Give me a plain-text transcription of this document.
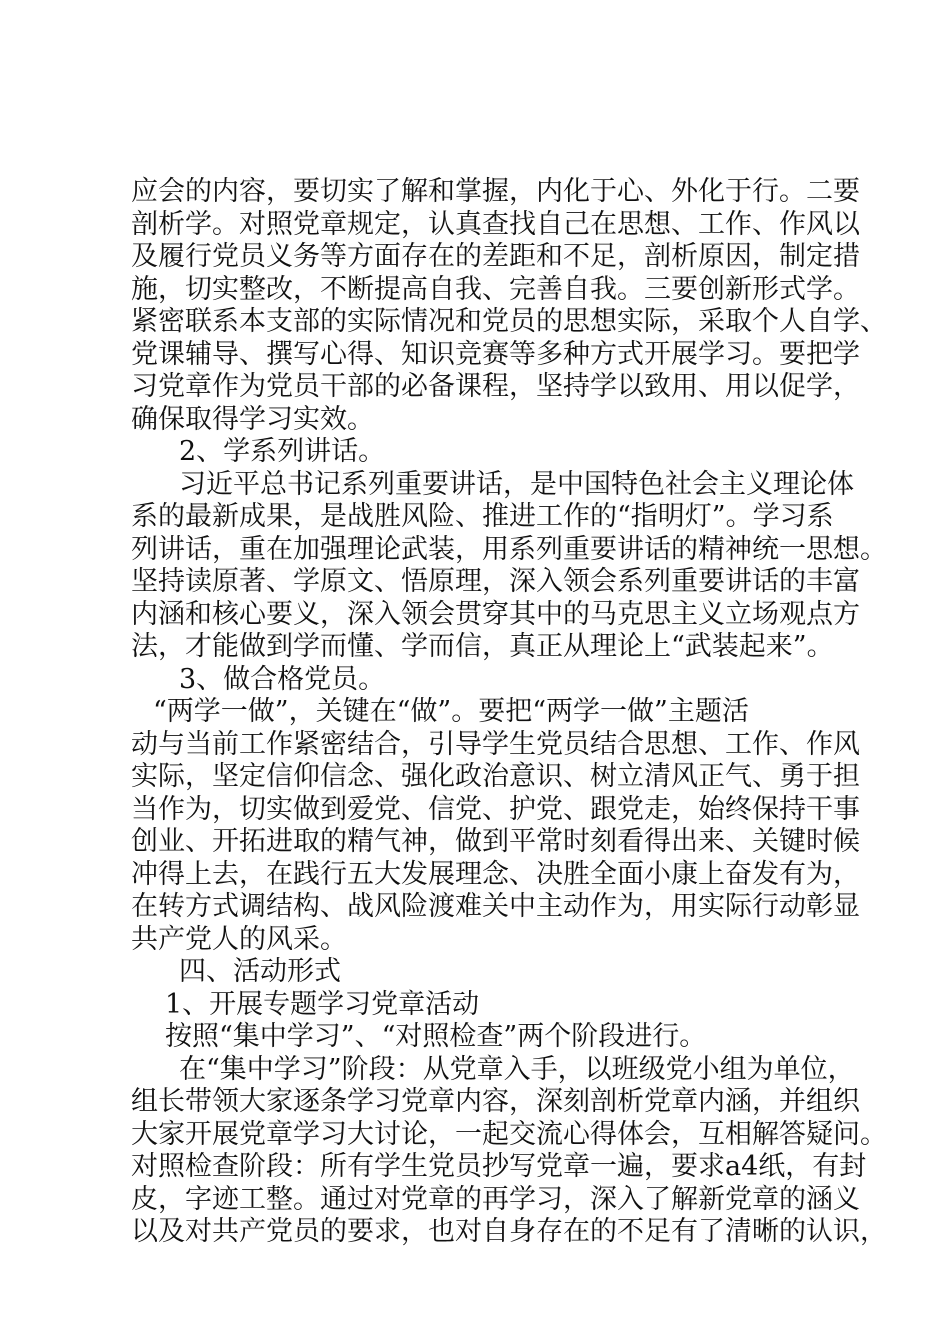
应会的内容，要切实了解和掌握，内化于心、外化于行。二要
剖析学。对照党章规定，认真查找自己在思想、工作、作风以
及履行党员义务等方面存在的差距和不足，剖析原因，制定措
施，切实整改，不断提高自我、完善自我。三要创新形式学。
紧密联系本支部的实际情况和党员的思想实际，采取个人自学、
党课辅导、撰写心得、知识竞赛等多种方式开展学习。要把学
习党章作为党员干部的必备课程，坚持学以致用、用以促学，
确保取得学习实效。
2、学系列讲话。
习近平总书记系列重要讲话，是中国特色社会主义理论体
系的最新成果，是战胜风险、推进工作的“指明灯”。学习系
列讲话，重在加强理论武装，用系列重要讲话的精神统一思想。
坚持读原著、学原文、悟原理，深入领会系列重要讲话的丰富
内涵和核心要义，深入领会贯穿其中的马克思主义立场观点方
法，才能做到学而懂、学而信，真正从理论上“武装起来”。
3、做合格党员。
“两学一做”，关键在“做”。要把“两学一做”主题活
动与当前工作紧密结合，引导学生党员结合思想、工作、作风
实际，坚定信仰信念、强化政治意识、树立清风正气、勇于担
当作为，切实做到爱党、信党、护党、跟党走，始终保持干事
创业、开拓进取的精气神，做到平常时刻看得出来、关键时候
冲得上去，在践行五大发展理念、决胜全面小康上奋发有为，
在转方式调结构、战风险渡难关中主动作为，用实际行动彰显
共产党人的风采。
四、活动形式
1、开展专题学习党章活动
按照“集中学习”、“对照检查”两个阶段进行。
在“集中学习”阶段：从党章入手，以班级党小组为单位，
组长带领大家逐条学习党章内容，深刻剖析党章内涵，并组织
大家开展党章学习大讨论，一起交流心得体会，互相解答疑问。
对照检查阶段：所有学生党员抄写党章一遍，要求a4纸，有封
皮，字迹工整。通过对党章的再学习，深入了解新党章的涵义
以及对共产党员的要求，也对自身存在的不足有了清晰的认识，
